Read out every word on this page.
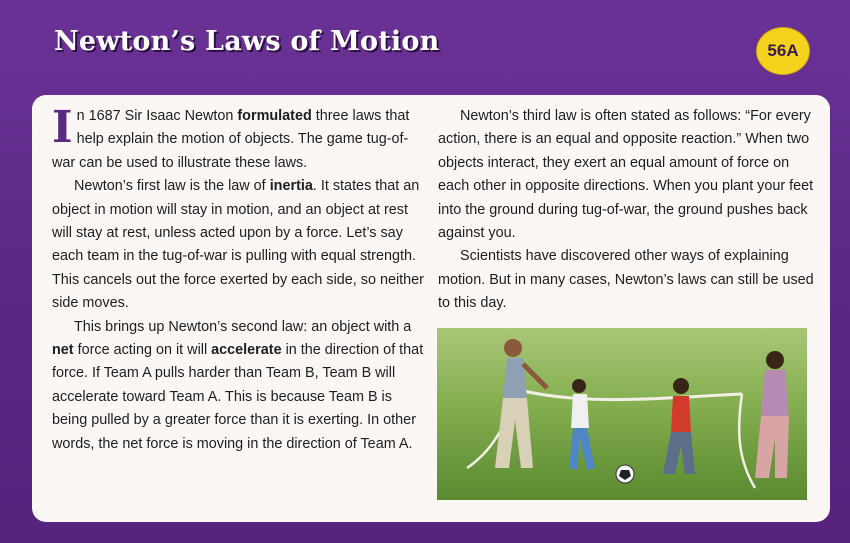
Newton’s Laws of Motion	56A

In 1687 Sir Isaac Newton formulated three laws that help explain the motion of objects. The game tug-of-war can be used to illustrate these laws.

Newton’s first law is the law of inertia. It states that an object in motion will stay in motion, and an object at rest will stay at rest, unless acted upon by a force. Let’s say each team in the tug-of-war is pulling with equal strength. This cancels out the force exerted by each side, so neither side moves.

This brings up Newton’s second law: an object with a net force acting on it will accelerate in the direction of that force. If Team A pulls harder than Team B, Team B will accelerate toward Team A. This is because Team B is being pulled by a greater force than it is exerting. In other words, the net force is moving in the direction of Team A.

Newton’s third law is often stated as follows: “For every action, there is an equal and opposite reaction.” When two objects interact, they exert an equal amount of force on each other in opposite directions. When you plant your feet into the ground during tug-of-war, the ground pushes back against you.

Scientists have discovered other ways of explaining motion. But in many cases, Newton’s laws can still be used to this day.
